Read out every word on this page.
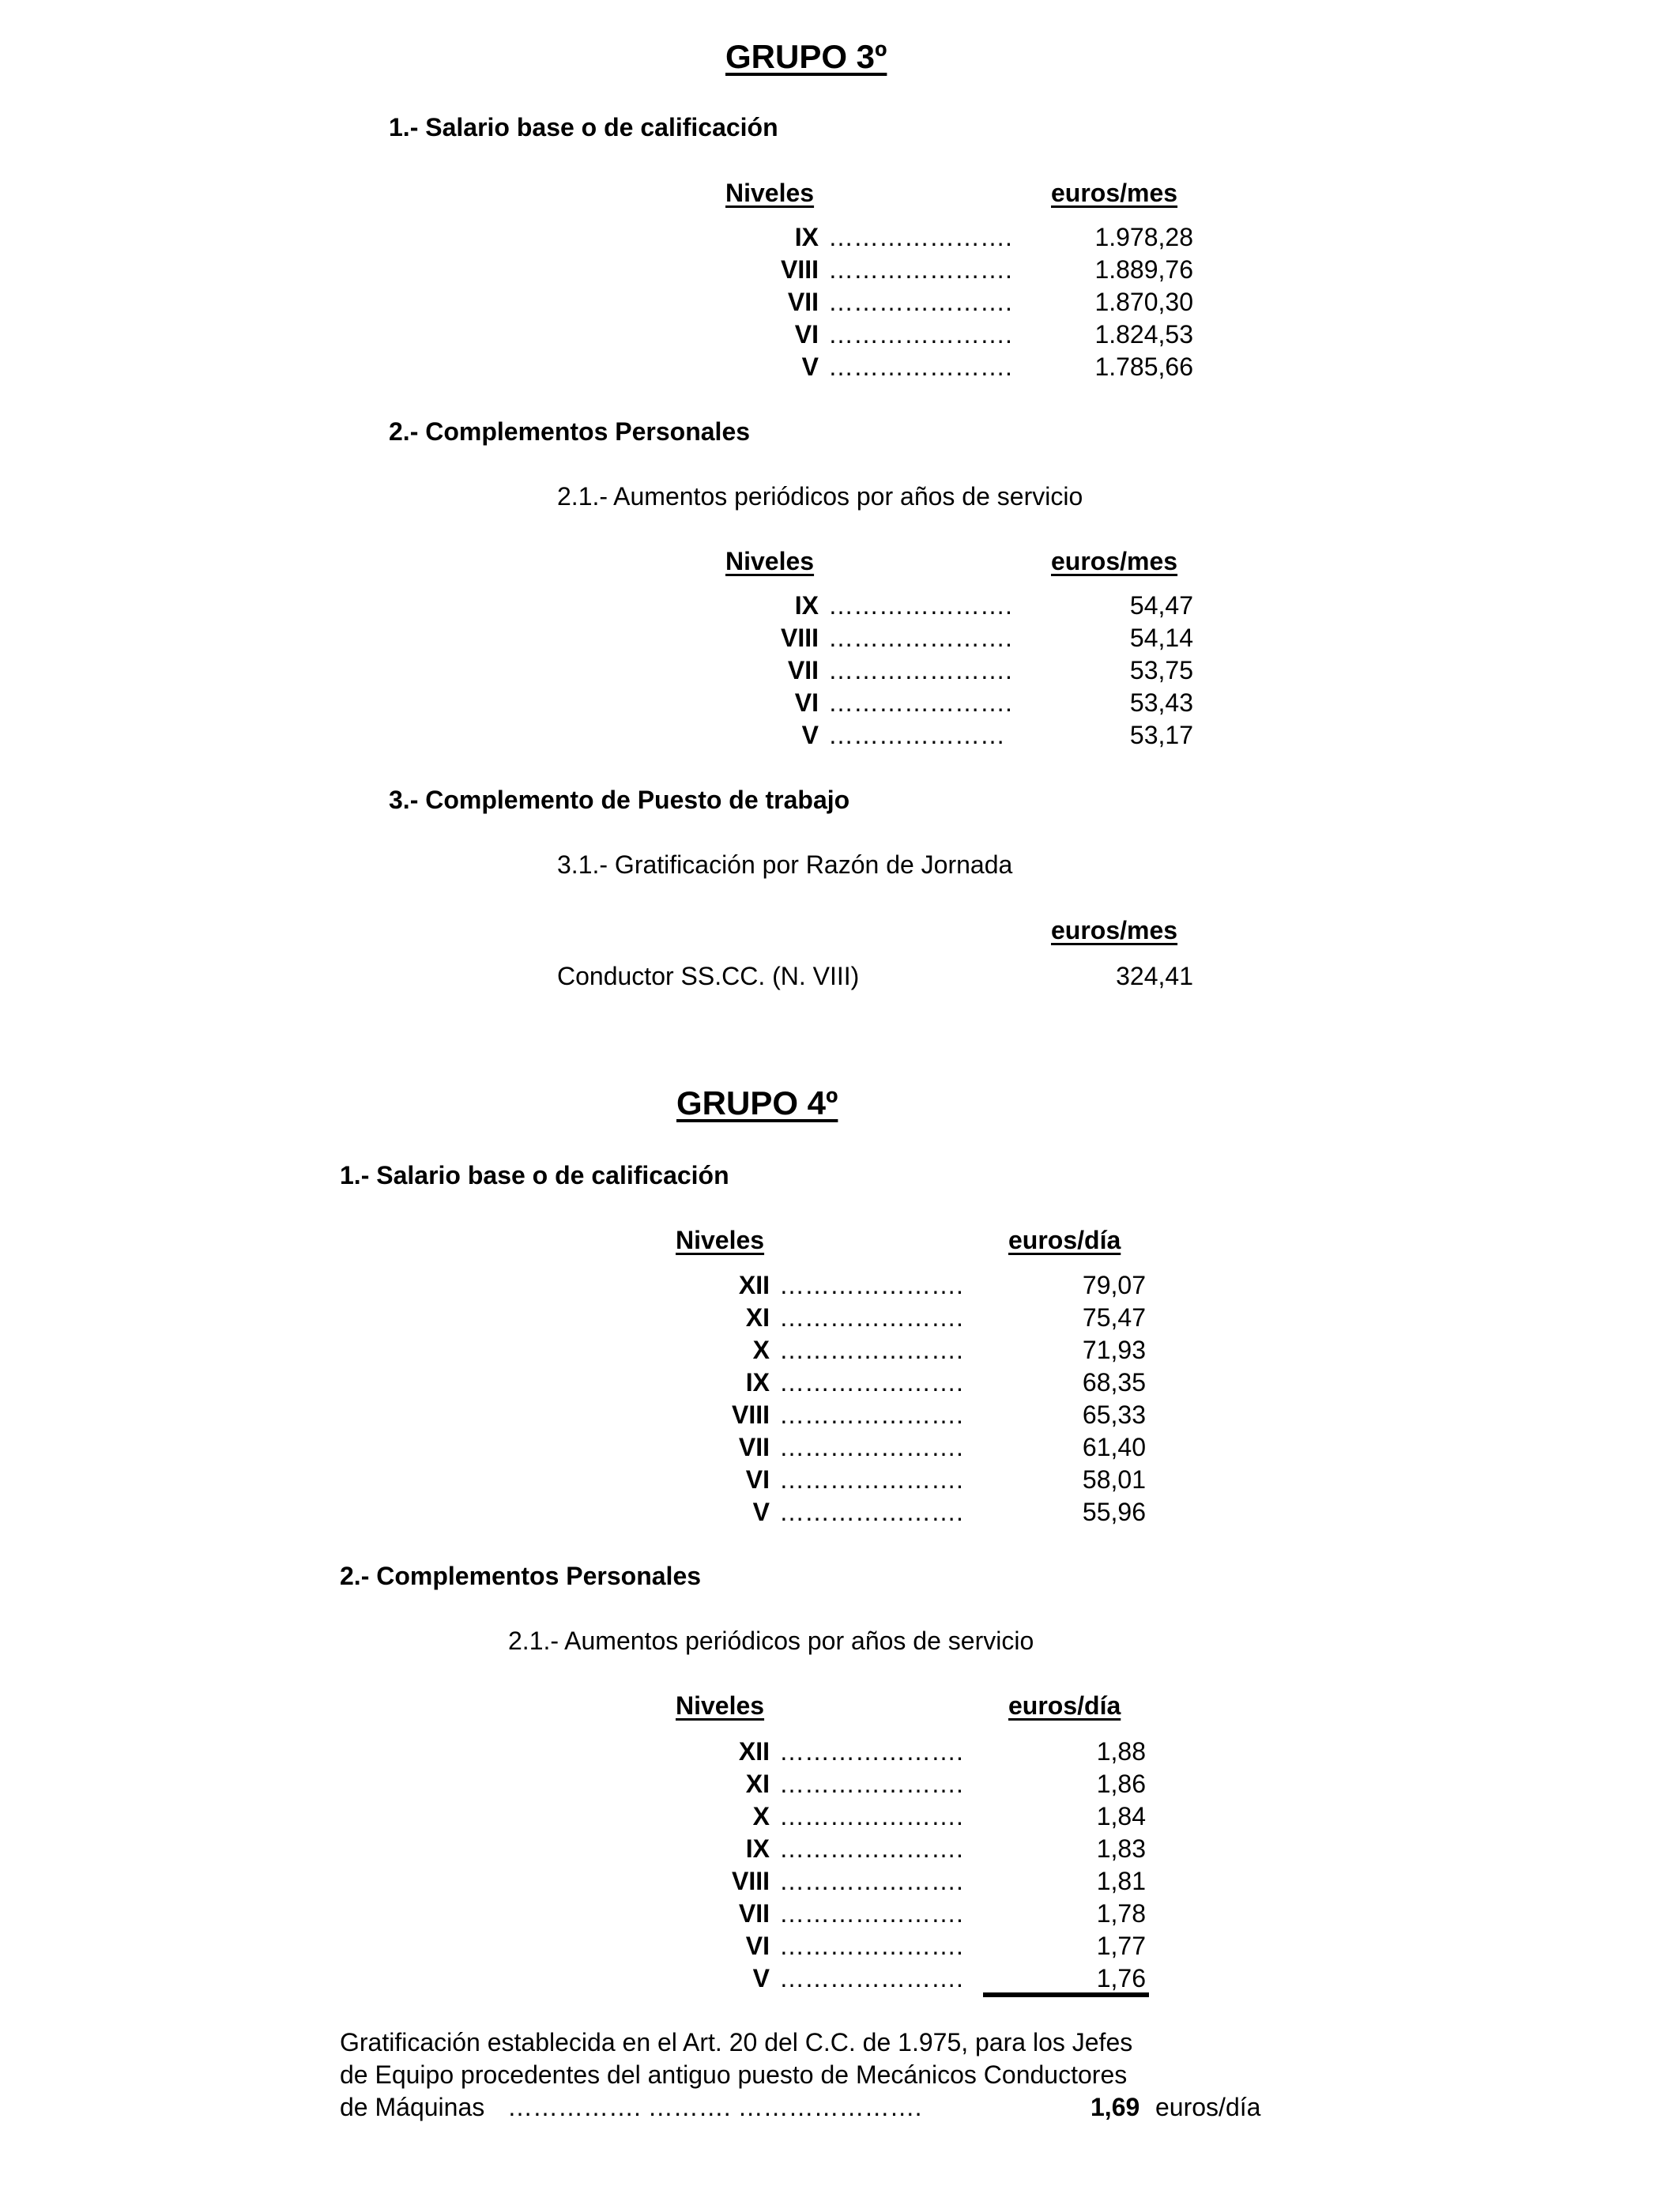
GRUPO 3º
1.- Salario base o de calificación
Niveles	euros/mes
IX ………………….	1.978,28
VIII ………………….	1.889,76
VII ………………….	1.870,30
VI ………………….	1.824,53
V ………………….	1.785,66
2.- Complementos Personales
2.1.- Aumentos periódicos por años de servicio
Niveles	euros/mes
IX ………………….	54,47
VIII ………………….	54,14
VII ………………….	53,75
VI ………………….	53,43
V …………………	53,17
3.- Complemento de Puesto de trabajo
3.1.- Gratificación por Razón de Jornada
euros/mes
Conductor SS.CC. (N. VIII)	324,41
GRUPO 4º
1.- Salario base o de calificación
Niveles	euros/día
XII ………………….	79,07
XI ………………….	75,47
X ………………….	71,93
IX ………………….	68,35
VIII ………………….	65,33
VII ………………….	61,40
VI ………………….	58,01
V ………………….	55,96
2.- Complementos Personales
2.1.- Aumentos periódicos por años de servicio
Niveles	euros/día
XII ………………….	1,88
XI ………………….	1,86
X ………………….	1,84
IX ………………….	1,83
VIII ………………….	1,81
VII ………………….	1,78
VI ………………….	1,77
V ………………….	1,76
Gratificación establecida en el Art. 20 del C.C. de 1.975, para los Jefes
de Equipo procedentes del antiguo puesto de Mecánicos Conductores
de Máquinas ……………. ………. ………………….	1,69 euros/día
